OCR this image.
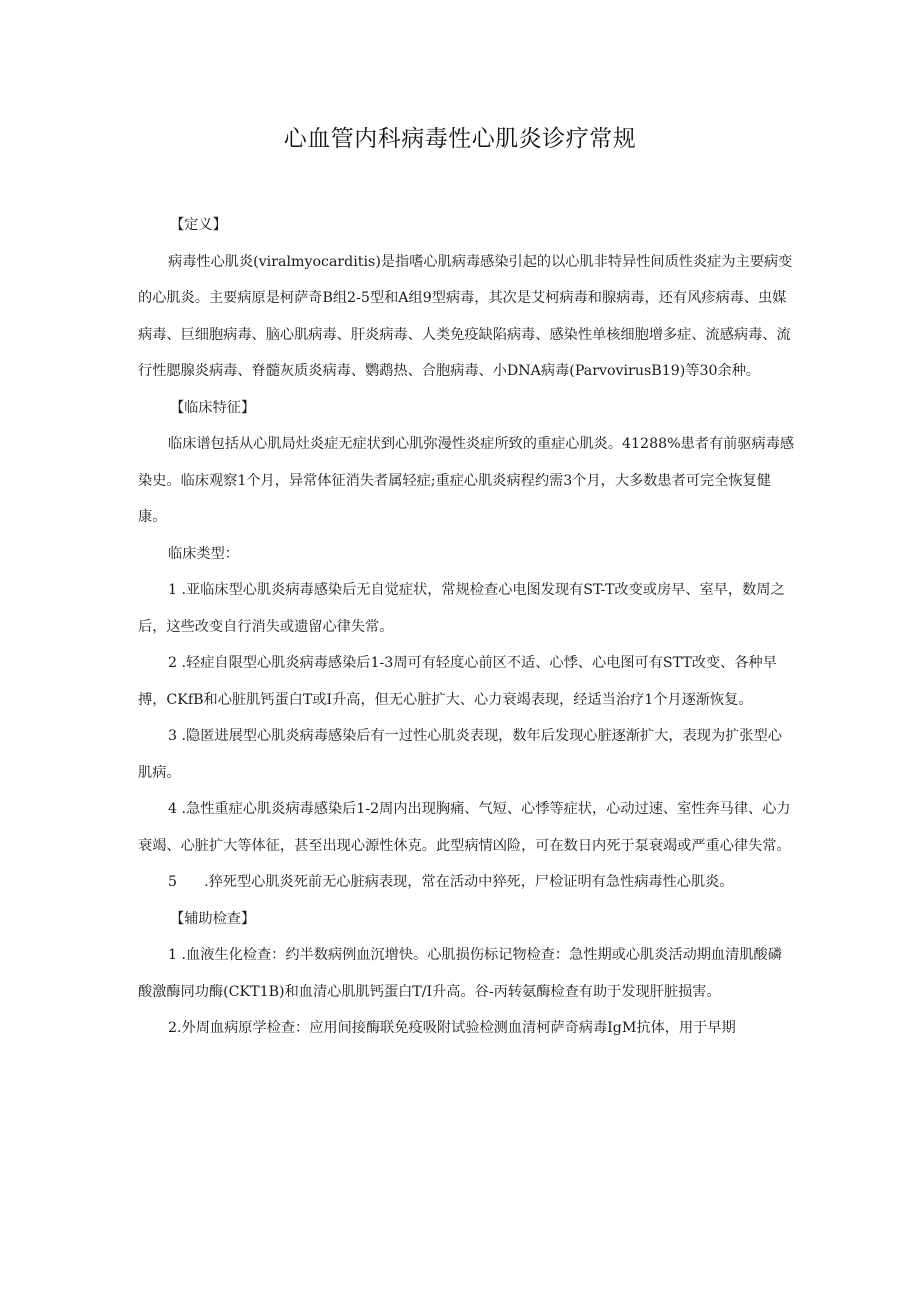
心血管内科病毒性心肌炎诊疗常规

【定义】

病毒性心肌炎(viralmyocarditis)是指嗜心肌病毒感染引起的以心肌非特异性间质性炎症为主要病变的心肌炎。主要病原是柯萨奇B组2-5型和A组9型病毒，其次是艾柯病毒和腺病毒，还有风疹病毒、虫媒病毒、巨细胞病毒、脑心肌病毒、肝炎病毒、人类免疫缺陷病毒、感染性单核细胞增多症、流感病毒、流行性腮腺炎病毒、脊髓灰质炎病毒、鹦鹉热、合胞病毒、小DNA病毒(ParvovirusB19)等30余种。

【临床特征】

临床谱包括从心肌局灶炎症无症状到心肌弥漫性炎症所致的重症心肌炎。41288%患者有前驱病毒感染史。临床观察1个月，异常体征消失者属轻症;重症心肌炎病程约需3个月，大多数患者可完全恢复健康。

临床类型：

1 .亚临床型心肌炎病毒感染后无自觉症状，常规检查心电图发现有ST-T改变或房早、室早，数周之后，这些改变自行消失或遗留心律失常。

2 .轻症自限型心肌炎病毒感染后1-3周可有轻度心前区不适、心悸、心电图可有STT改变、各种早搏，CKfB和心脏肌钙蛋白T或I升高，但无心脏扩大、心力衰竭表现，经适当治疗1个月逐渐恢复。

3 .隐匿进展型心肌炎病毒感染后有一过性心肌炎表现，数年后发现心脏逐渐扩大，表现为扩张型心肌病。

4 .急性重症心肌炎病毒感染后1-2周内出现胸痛、气短、心悸等症状，心动过速、室性奔马律、心力衰竭、心脏扩大等体征，甚至出现心源性休克。此型病情凶险，可在数日内死于泵衰竭或严重心律失常。

5      .猝死型心肌炎死前无心脏病表现，常在活动中猝死，尸检证明有急性病毒性心肌炎。

【辅助检查】

1 .血液生化检查：约半数病例血沉增快。心肌损伤标记物检查：急性期或心肌炎活动期血清肌酸磷酸激酶同功酶(CKT1B)和血清心肌肌钙蛋白T/I升高。谷-丙转氨酶检查有助于发现肝脏损害。

2.外周血病原学检查：应用间接酶联免疫吸附试验检测血清柯萨奇病毒IgM抗体，用于早期
